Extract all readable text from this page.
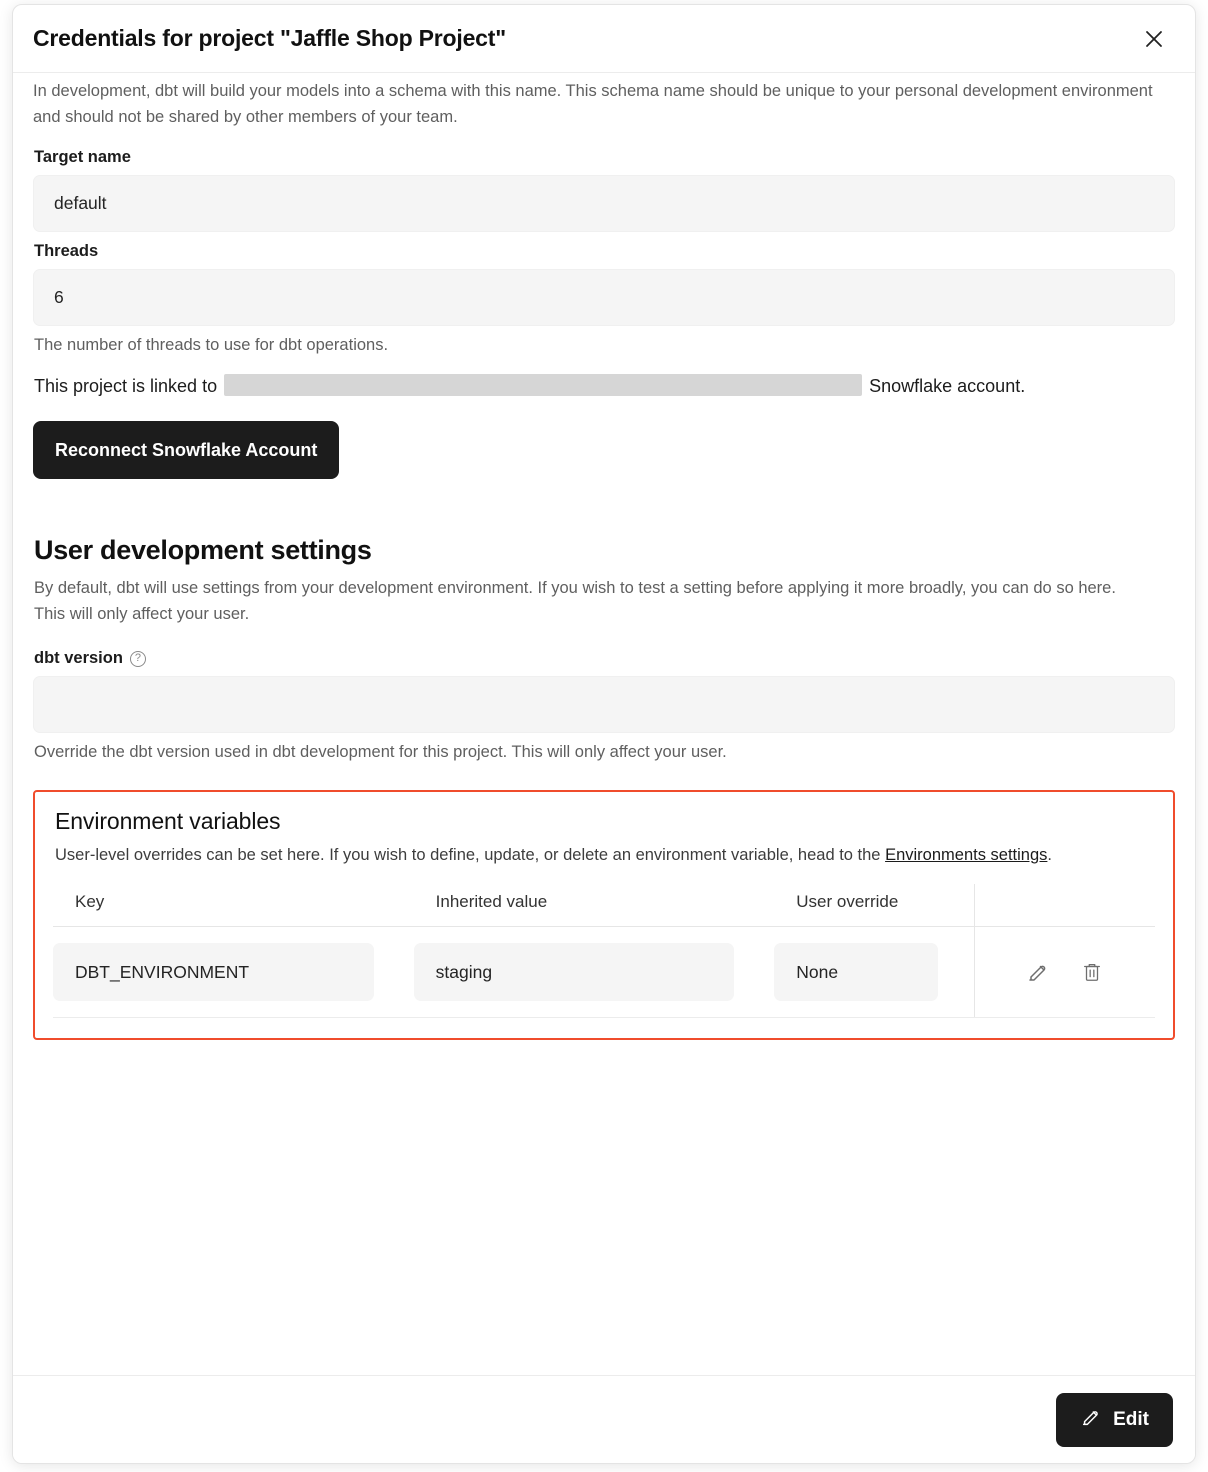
Credentials for project "Jaffle Shop Project"

In development, dbt will build your models into a schema with this name. This schema name should be unique to your personal development environment and should not be shared by other members of your team.

Target name
default
Threads
6

The number of threads to use for dbt operations.

This project is linked to	Snowflake account.

Reconnect Snowflake Account
User development settings

By default, dbt will use settings from your development environment. If you wish to test a setting before applying it more broadly, you can do so here. This will only affect your user.

dbt version	?

Override the dbt version used in dbt development for this project. This will only affect your user.

Environment variables

User-level overrides can be set here. If you wish to define, update, or delete an environment variable, head to the Environments settings.

Key	Inherited value	User override	

DBT_ENVIRONMENT	staging	None

Edit
